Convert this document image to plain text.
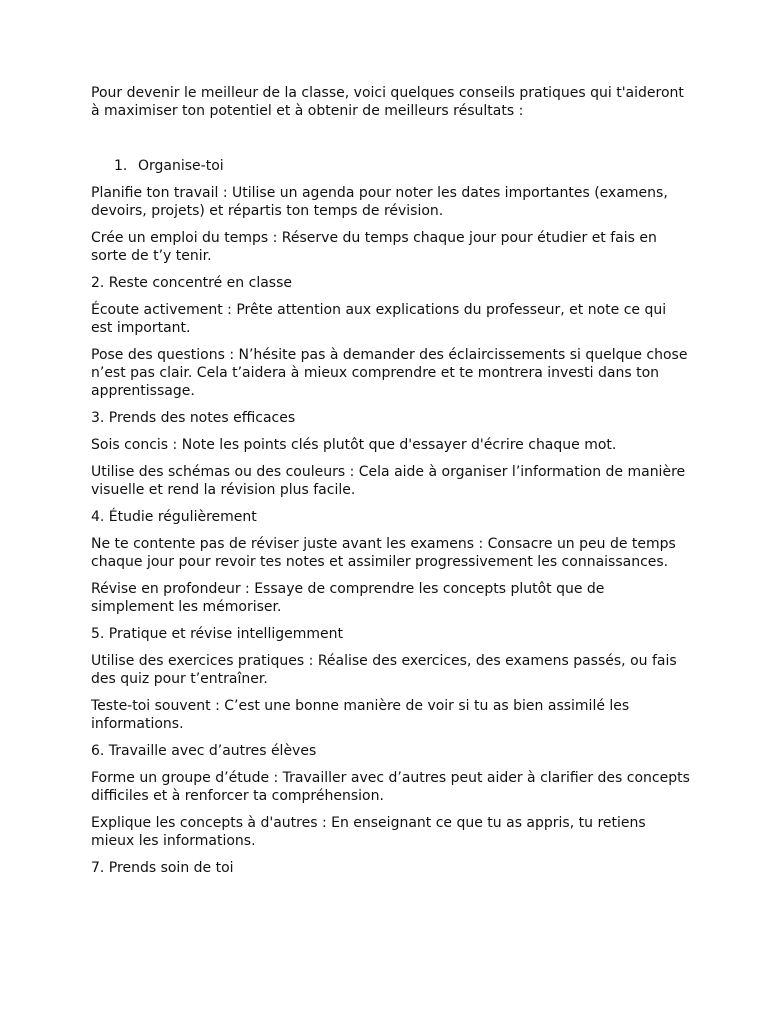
Pour devenir le meilleur de la classe, voici quelques conseils pratiques qui t'aideront à maximiser ton potentiel et à obtenir de meilleurs résultats :

1. Organise-toi

Planifie ton travail : Utilise un agenda pour noter les dates importantes (examens, devoirs, projets) et répartis ton temps de révision.

Crée un emploi du temps : Réserve du temps chaque jour pour étudier et fais en sorte de t’y tenir.

2. Reste concentré en classe

Écoute activement : Prête attention aux explications du professeur, et note ce qui est important.

Pose des questions : N’hésite pas à demander des éclaircissements si quelque chose n’est pas clair. Cela t’aidera à mieux comprendre et te montrera investi dans ton apprentissage.

3. Prends des notes efficaces

Sois concis : Note les points clés plutôt que d'essayer d'écrire chaque mot.

Utilise des schémas ou des couleurs : Cela aide à organiser l’information de manière visuelle et rend la révision plus facile.

4. Étudie régulièrement

Ne te contente pas de réviser juste avant les examens : Consacre un peu de temps chaque jour pour revoir tes notes et assimiler progressivement les connaissances.

Révise en profondeur : Essaye de comprendre les concepts plutôt que de simplement les mémoriser.

5. Pratique et révise intelligemment

Utilise des exercices pratiques : Réalise des exercices, des examens passés, ou fais des quiz pour t’entraîner.

Teste-toi souvent : C’est une bonne manière de voir si tu as bien assimilé les informations.

6. Travaille avec d’autres élèves

Forme un groupe d’étude : Travailler avec d’autres peut aider à clarifier des concepts difficiles et à renforcer ta compréhension.

Explique les concepts à d'autres : En enseignant ce que tu as appris, tu retiens mieux les informations.

7. Prends soin de toi
